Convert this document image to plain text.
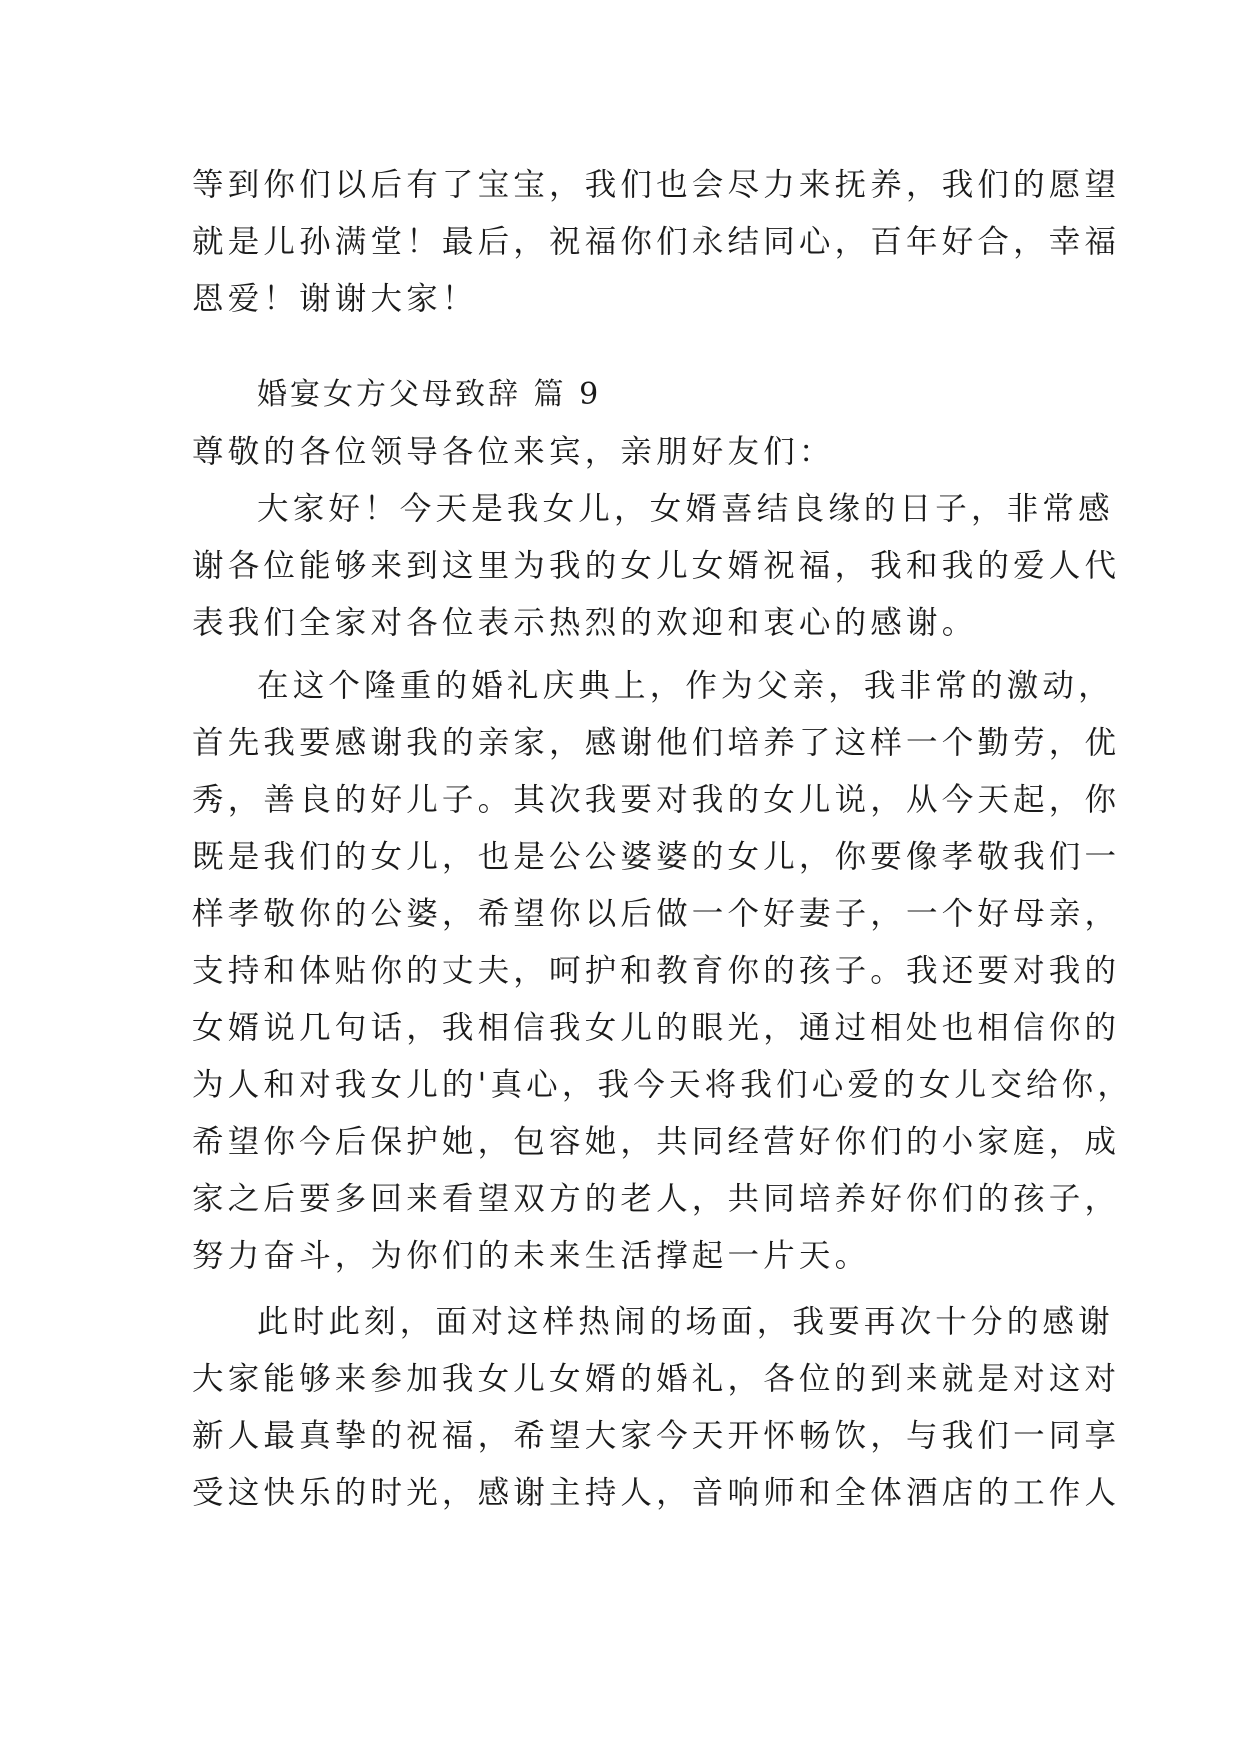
等到你们以后有了宝宝，我们也会尽力来抚养，我们的愿望
就是儿孙满堂！最后，祝福你们永结同心，百年好合，幸福
恩爱！谢谢大家！
婚宴女方父母致辞 篇 9
尊敬的各位领导各位来宾，亲朋好友们：
大家好！今天是我女儿，女婿喜结良缘的日子，非常感
谢各位能够来到这里为我的女儿女婿祝福，我和我的爱人代
表我们全家对各位表示热烈的欢迎和衷心的感谢。
在这个隆重的婚礼庆典上，作为父亲，我非常的激动，
首先我要感谢我的亲家，感谢他们培养了这样一个勤劳，优
秀，善良的好儿子。其次我要对我的女儿说，从今天起，你
既是我们的女儿，也是公公婆婆的女儿，你要像孝敬我们一
样孝敬你的公婆，希望你以后做一个好妻子，一个好母亲，
支持和体贴你的丈夫，呵护和教育你的孩子。我还要对我的
女婿说几句话，我相信我女儿的眼光，通过相处也相信你的
为人和对我女儿的'真心，我今天将我们心爱的女儿交给你，
希望你今后保护她，包容她，共同经营好你们的小家庭，成
家之后要多回来看望双方的老人，共同培养好你们的孩子，
努力奋斗，为你们的未来生活撑起一片天。
此时此刻，面对这样热闹的场面，我要再次十分的感谢
大家能够来参加我女儿女婿的婚礼，各位的到来就是对这对
新人最真挚的祝福，希望大家今天开怀畅饮，与我们一同享
受这快乐的时光，感谢主持人，音响师和全体酒店的工作人
